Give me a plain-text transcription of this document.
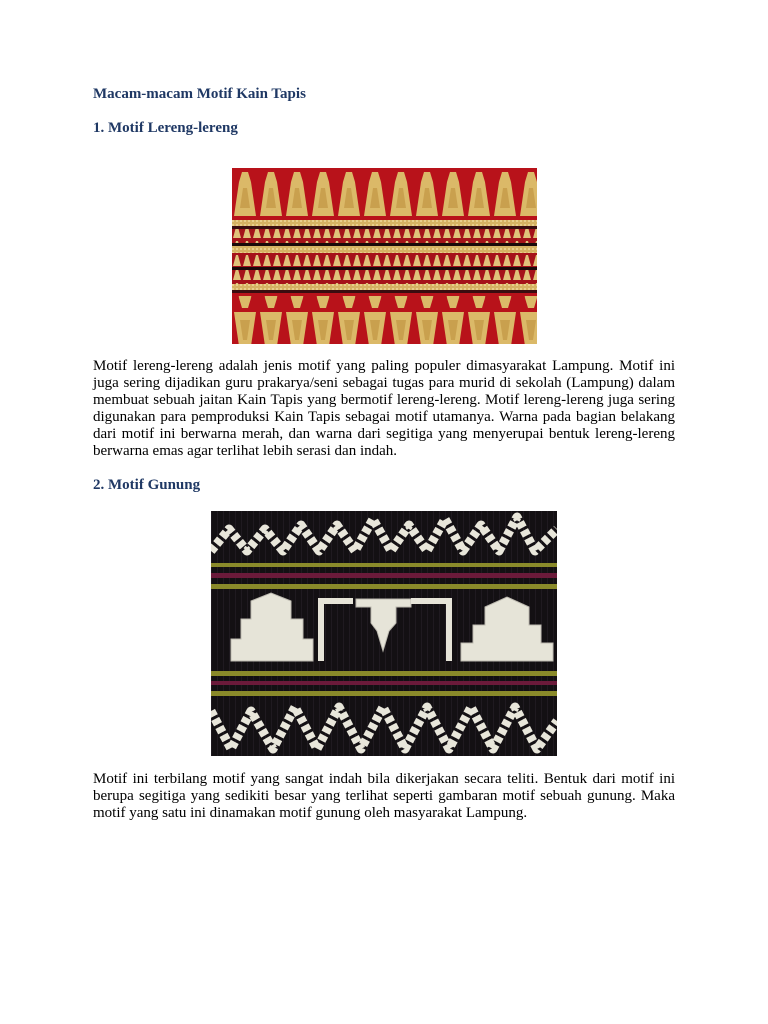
Macam-macam Motif Kain Tapis
1. Motif Lereng-lereng
Motif lereng-lereng adalah jenis motif yang paling populer dimasyarakat Lampung. Motif ini juga sering dijadikan guru prakarya/seni sebagai tugas para murid di sekolah (Lampung) dalam membuat sebuah jaitan Kain Tapis yang bermotif lereng-lereng. Motif lereng-lereng juga sering digunakan para pemproduksi Kain Tapis sebagai motif utamanya. Warna pada bagian belakang dari motif ini berwarna merah, dan warna dari segitiga yang menyerupai bentuk lereng-lereng berwarna emas agar terlihat lebih serasi dan indah.
2. Motif Gunung
Motif ini terbilang motif yang sangat indah bila dikerjakan secara teliti. Bentuk dari motif ini berupa segitiga yang sedikiti besar yang terlihat seperti gambaran motif sebuah gunung. Maka motif yang satu ini dinamakan motif gunung oleh masyarakat Lampung.
